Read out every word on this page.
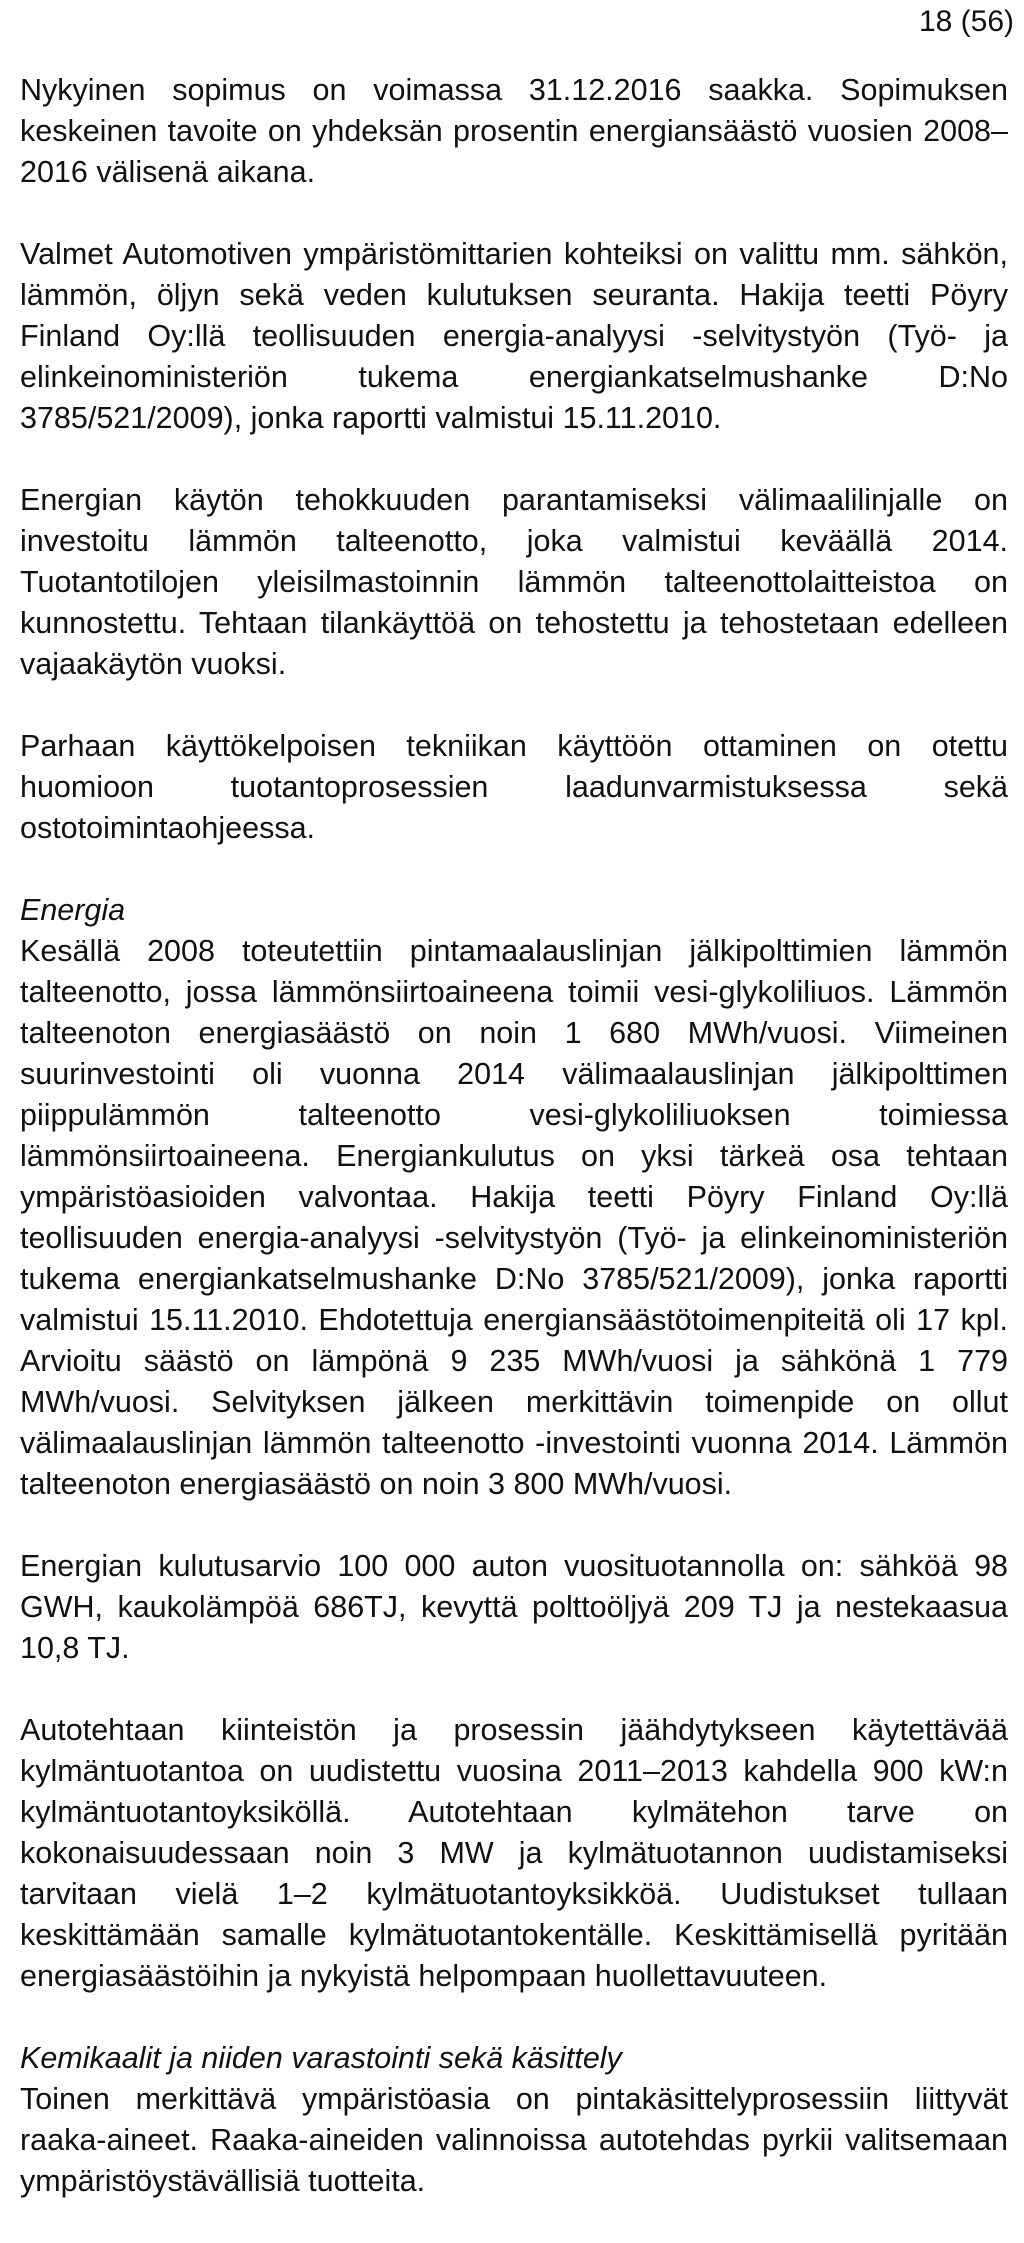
18 (56)

Nykyinen sopimus on voimassa 31.12.2016 saakka. Sopimuksen keskeinen tavoite on yhdeksän prosentin energiansäästö vuosien 2008–2016 välisenä aikana.

Valmet Automotiven ympäristömittarien kohteiksi on valittu mm. sähkön, lämmön, öljyn sekä veden kulutuksen seuranta. Hakija teetti Pöyry Finland Oy:llä teollisuuden energia-analyysi -selvitystyön (Työ- ja elinkeinoministeriön tukema energiankatselmushanke D:No 3785/521/2009), jonka raportti valmistui 15.11.2010.

Energian käytön tehokkuuden parantamiseksi välimaalilinjalle on investoitu lämmön talteenotto, joka valmistui keväällä 2014. Tuotantotilojen yleisilmastoinnin lämmön talteenottolaitteistoa on kunnostettu. Tehtaan tilankäyttöä on tehostettu ja tehostetaan edelleen vajaakäytön vuoksi.

Parhaan käyttökelpoisen tekniikan käyttöön ottaminen on otettu huomioon tuotantoprosessien laadunvarmistuksessa sekä ostotoimintaohjeessa.

Energia

Kesällä 2008 toteutettiin pintamaalauslinjan jälkipolttimien lämmön talteenotto, jossa lämmönsiirtoaineena toimii vesi-glykoliliuos. Lämmön talteenoton energiasäästö on noin 1 680 MWh/vuosi. Viimeinen suurinvestointi oli vuonna 2014 välimaalauslinjan jälkipolttimen piippulämmön talteenotto vesi-glykoliliuoksen toimiessa lämmönsiirtoaineena. Energiankulutus on yksi tärkeä osa tehtaan ympäristöasioiden valvontaa. Hakija teetti Pöyry Finland Oy:llä teollisuuden energia-analyysi -selvitystyön (Työ- ja elinkeinoministeriön tukema energiankatselmushanke D:No 3785/521/2009), jonka raportti valmistui 15.11.2010. Ehdotettuja energiansäästötoimenpiteitä oli 17 kpl. Arvioitu säästö on lämpönä 9 235 MWh/vuosi ja sähkönä 1 779 MWh/vuosi. Selvityksen jälkeen merkittävin toimenpide on ollut välimaalauslinjan lämmön talteenotto -investointi vuonna 2014. Lämmön talteenoton energiasäästö on noin 3 800 MWh/vuosi.

Energian kulutusarvio 100 000 auton vuosituotannolla on: sähköä 98 GWH, kaukolämpöä 686TJ, kevyttä polttoöljyä 209 TJ ja nestekaasua 10,8 TJ.

Autotehtaan kiinteistön ja prosessin jäähdytykseen käytettävää kylmäntuotantoa on uudistettu vuosina 2011–2013 kahdella 900 kW:n kylmäntuotantoyksiköllä. Autotehtaan kylmätehon tarve on kokonaisuudessaan noin 3 MW ja kylmätuotannon uudistamiseksi tarvitaan vielä 1–2 kylmätuotantoyksikköä. Uudistukset tullaan keskittämään samalle kylmätuotantokentälle. Keskittämisellä pyritään energiasäästöihin ja nykyistä helpompaan huollettavuuteen.

Kemikaalit ja niiden varastointi sekä käsittely

Toinen merkittävä ympäristöasia on pintakäsittelyprosessiin liittyvät raaka-aineet. Raaka-aineiden valinnoissa autotehdas pyrkii valitsemaan ympäristöystävällisiä tuotteita.
